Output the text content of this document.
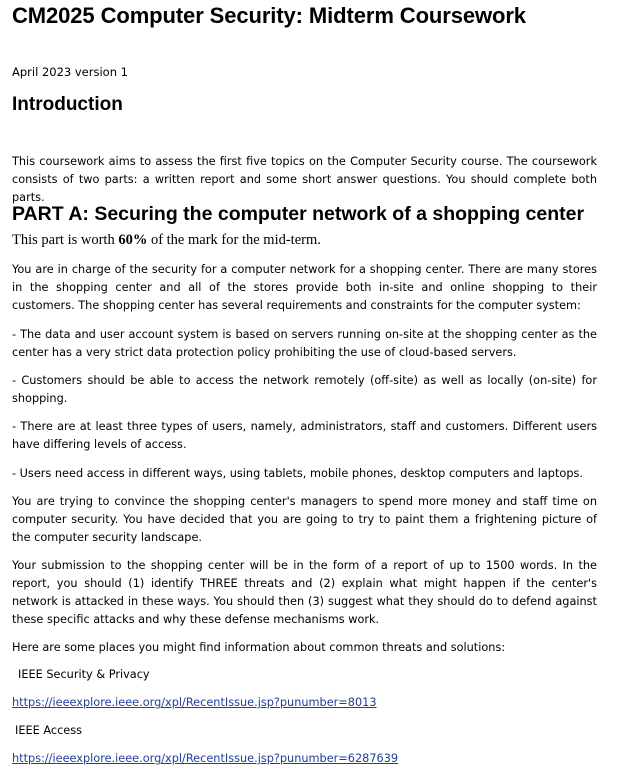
CM2025 Computer Security: Midterm Coursework
April 2023 version 1
Introduction
This coursework aims to assess the first five topics on the Computer Security course. The coursework consists of two parts: a written report and some short answer questions. You should complete both parts.
PART A: Securing the computer network of a shopping center
This part is worth 60% of the mark for the mid-term.
You are in charge of the security for a computer network for a shopping center. There are many stores in the shopping center and all of the stores provide both in-site and online shopping to their customers. The shopping center has several requirements and constraints for the computer system:
- The data and user account system is based on servers running on-site at the shopping center as the center has a very strict data protection policy prohibiting the use of cloud-based servers.
- Customers should be able to access the network remotely (off-site) as well as locally (on-site) for shopping.
- There are at least three types of users, namely, administrators, staff and customers. Different users have differing levels of access.
- Users need access in different ways, using tablets, mobile phones, desktop computers and laptops.
You are trying to convince the shopping center's managers to spend more money and staff time on computer security. You have decided that you are going to try to paint them a frightening picture of the computer security landscape.
Your submission to the shopping center will be in the form of a report of up to 1500 words. In the report, you should (1) identify THREE threats and (2) explain what might happen if the center's network is attacked in these ways. You should then (3) suggest what they should do to defend against these specific attacks and why these defense mechanisms work.
Here are some places you might find information about common threats and solutions:
IEEE Security & Privacy
https://ieeexplore.ieee.org/xpl/RecentIssue.jsp?punumber=8013
IEEE Access
https://ieeexplore.ieee.org/xpl/RecentIssue.jsp?punumber=6287639
